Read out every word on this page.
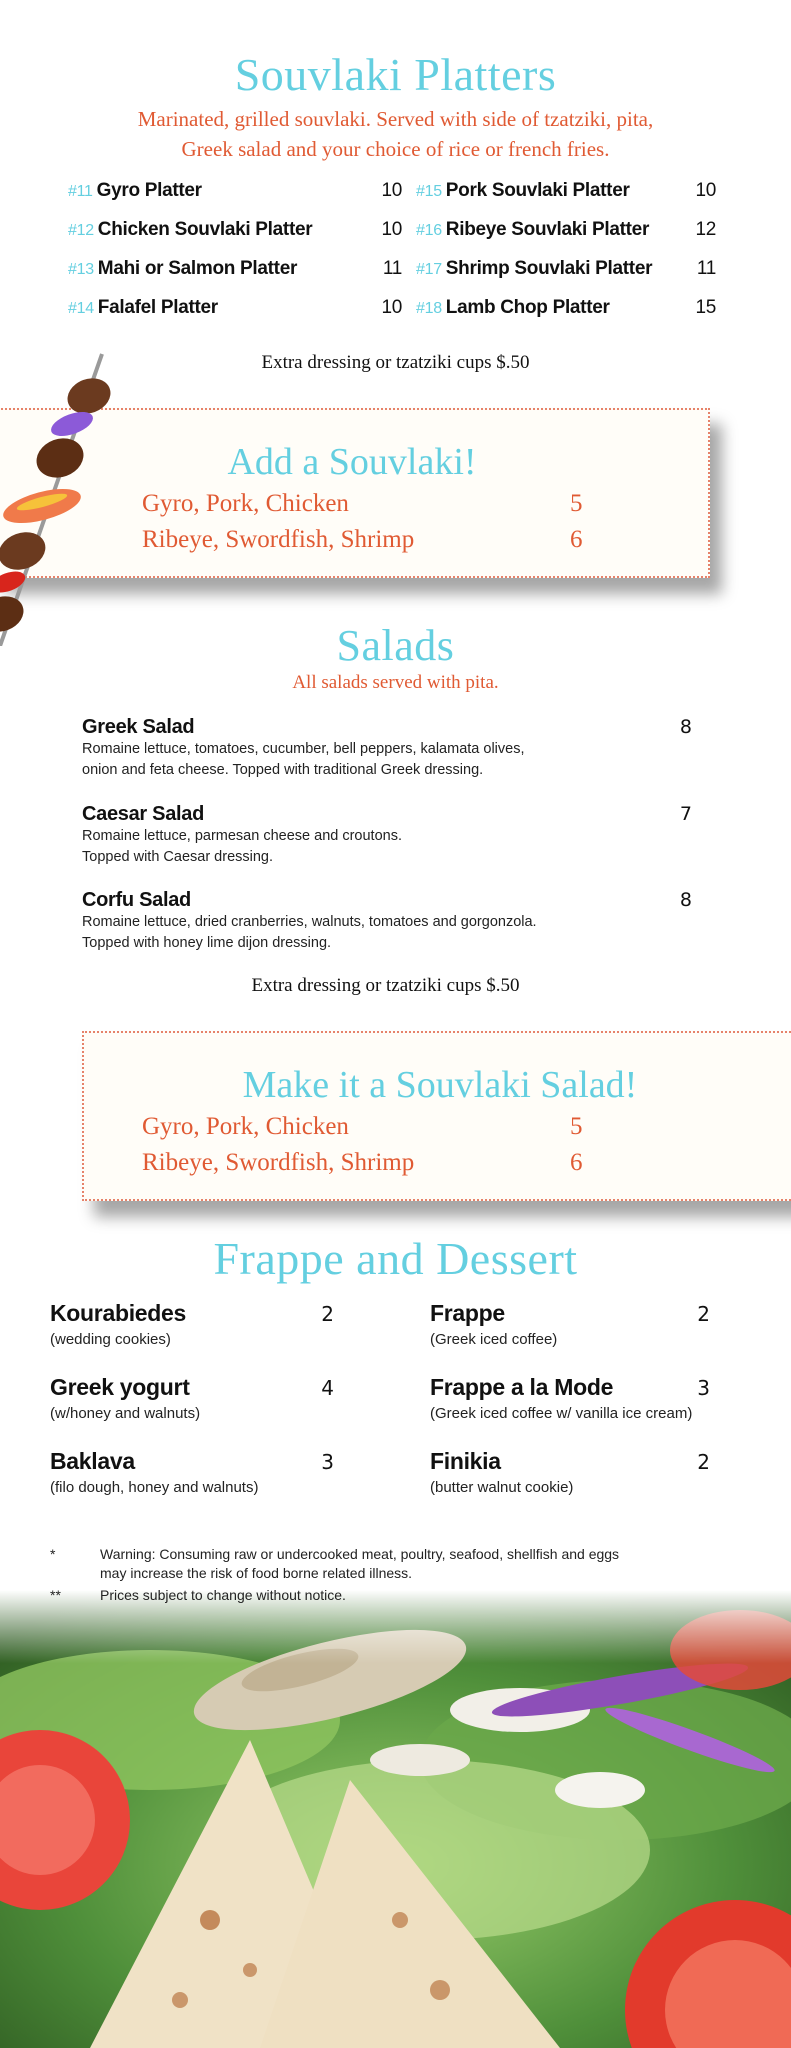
Souvlaki Platters
Marinated, grilled souvlaki. Served with side of tzatziki, pita,
Greek salad and your choice of rice or french fries.
#11 Gyro Platter	10
#12 Chicken Souvlaki Platter	10
#13 Mahi or Salmon Platter	11
#14 Falafel Platter	10
#15 Pork Souvlaki Platter	10
#16 Ribeye Souvlaki Platter 12
#17 Shrimp Souvlaki Platter 11
#18 Lamb Chop Platter	15
Extra dressing or tzatziki cups $.50
Add a Souvlaki!
Gyro, Pork, Chicken	5
Ribeye, Swordfish, Shrimp	6
Salads
All salads served with pita.
Greek Salad	8
Romaine lettuce, tomatoes, cucumber, bell peppers, kalamata olives,
onion and feta cheese. Topped with traditional Greek dressing.
Caesar Salad	7
Romaine lettuce, parmesan cheese and croutons.
Topped with Caesar dressing.
Corfu Salad	8
Romaine lettuce, dried cranberries, walnuts, tomatoes and gorgonzola.
Topped with honey lime dijon dressing.
Extra dressing or tzatziki cups $.50
Make it a Souvlaki Salad!
Gyro, Pork, Chicken	5
Ribeye, Swordfish, Shrimp	6
Frappe and Dessert
Kourabiedes	2
(wedding cookies)
Greek yogurt	4
(w/honey and walnuts)
Baklava	3
(filo dough, honey and walnuts)
Frappe	2
(Greek iced coffee)
Frappe a la Mode	3
(Greek iced coffee w/ vanilla ice cream)
Finikia	2
(butter walnut cookie)
*	Warning: Consuming raw or undercooked meat, poultry, seafood, shellfish and eggs
may increase the risk of food borne related illness.
**	Prices subject to change without notice.
